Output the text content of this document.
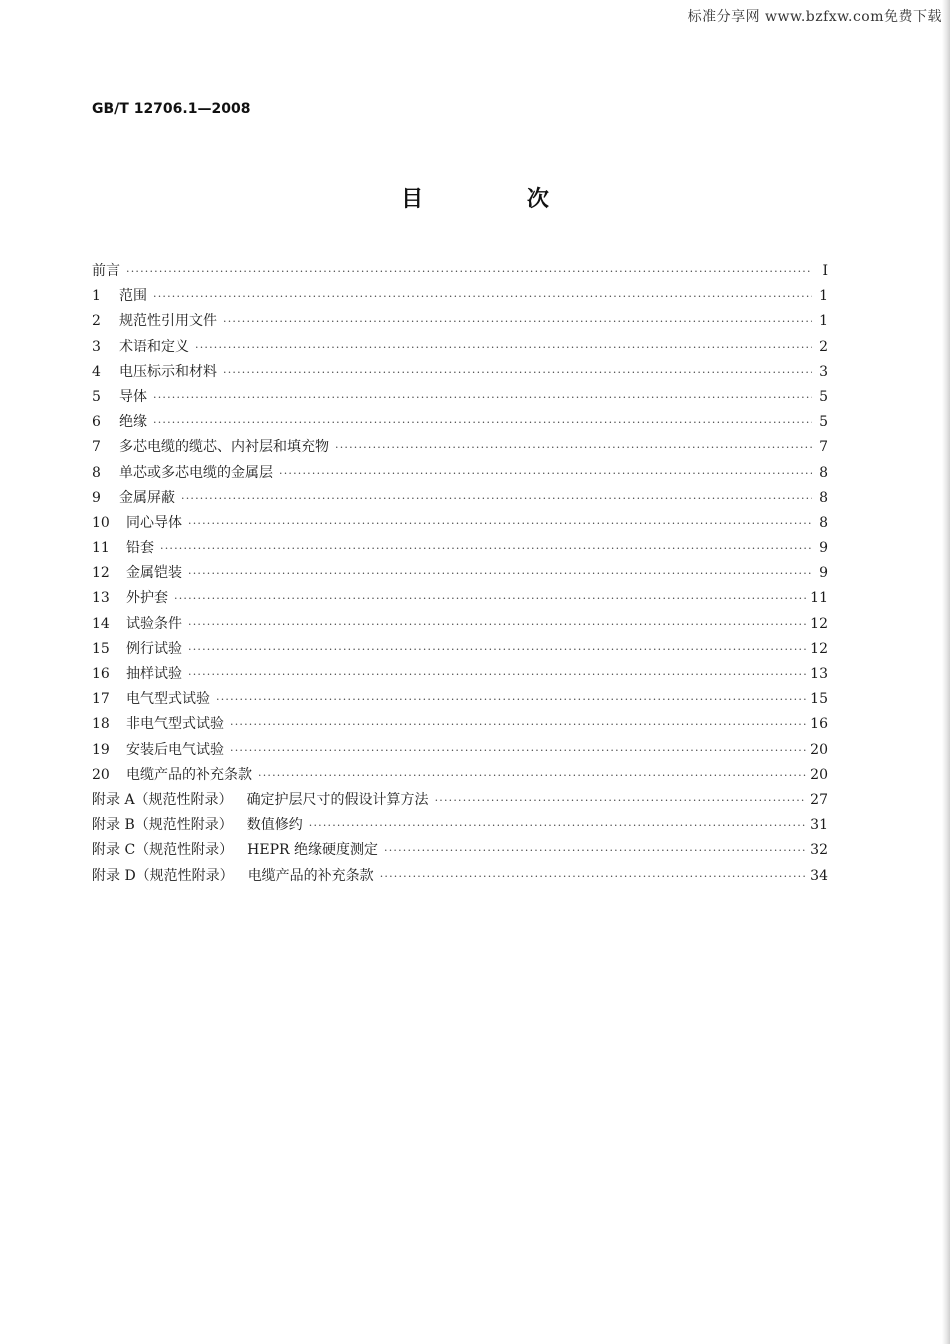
标准分享网 www.bzfxw.com免费下载
GB/T 12706.1—2008
目 次
前言 ·····	I
1	范围 ·····	1
2	规范性引用文件 ·····	1
3	术语和定义 ·····	2
4	电压标示和材料 ·····	3
5	导体 ·····	5
6	绝缘 ·····	5
7	多芯电缆的缆芯、内衬层和填充物 ·····	7
8	单芯或多芯电缆的金属层 ·····	8
9	金属屏蔽 ·····	8
10	同心导体 ·····	8
11	铅套 ·····	9
12	金属铠装 ·····	9
13	外护套 ·····	11
14	试验条件 ·····	12
15	例行试验 ·····	12
16	抽样试验 ·····	13
17	电气型式试验 ·····	15
18	非电气型式试验 ·····	16
19	安装后电气试验 ·····	20
20	电缆产品的补充条款 ·····	20
附录 A（规范性附录） 确定护层尺寸的假设计算方法 ·····	27
附录 B（规范性附录） 数值修约 ·····	31
附录 C（规范性附录） HEPR 绝缘硬度测定 ·····	32
附录 D（规范性附录） 电缆产品的补充条款 ·····	34
